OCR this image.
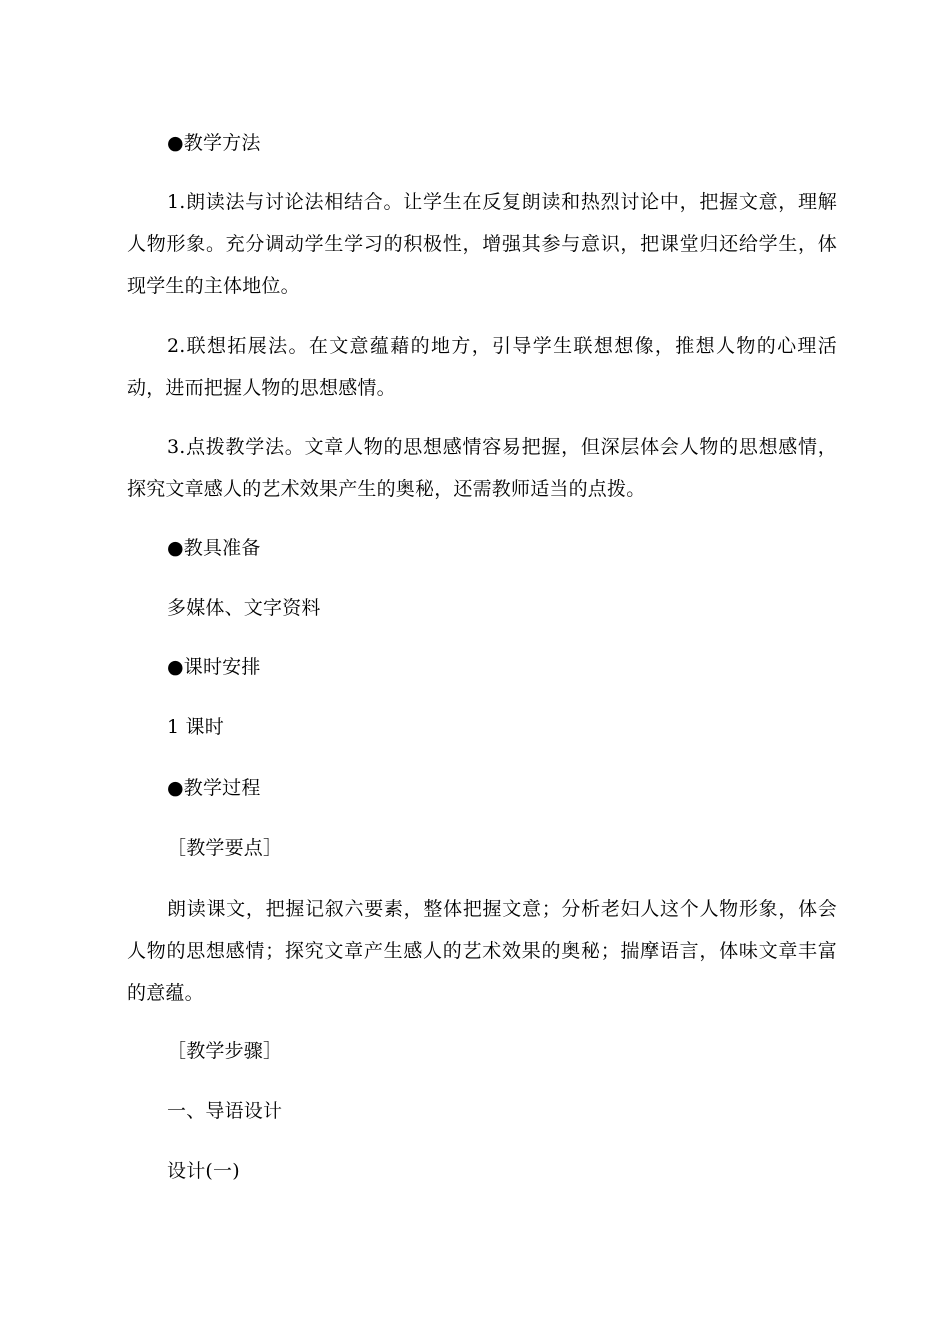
●教学方法

1.朗读法与讨论法相结合。让学生在反复朗读和热烈讨论中，把握文意，理解人物形象。充分调动学生学习的积极性，增强其参与意识，把课堂归还给学生，体现学生的主体地位。

2.联想拓展法。在文意蕴藉的地方，引导学生联想想像，推想人物的心理活动，进而把握人物的思想感情。

3.点拨教学法。文章人物的思想感情容易把握，但深层体会人物的思想感情，探究文章感人的艺术效果产生的奥秘，还需教师适当的点拨。

●教具准备

多媒体、文字资料

●课时安排

1 课时

●教学过程

［教学要点］

朗读课文，把握记叙六要素，整体把握文意；分析老妇人这个人物形象，体会人物的思想感情；探究文章产生感人的艺术效果的奥秘；揣摩语言，体味文章丰富的意蕴。

［教学步骤］

一、导语设计

设计(一)
